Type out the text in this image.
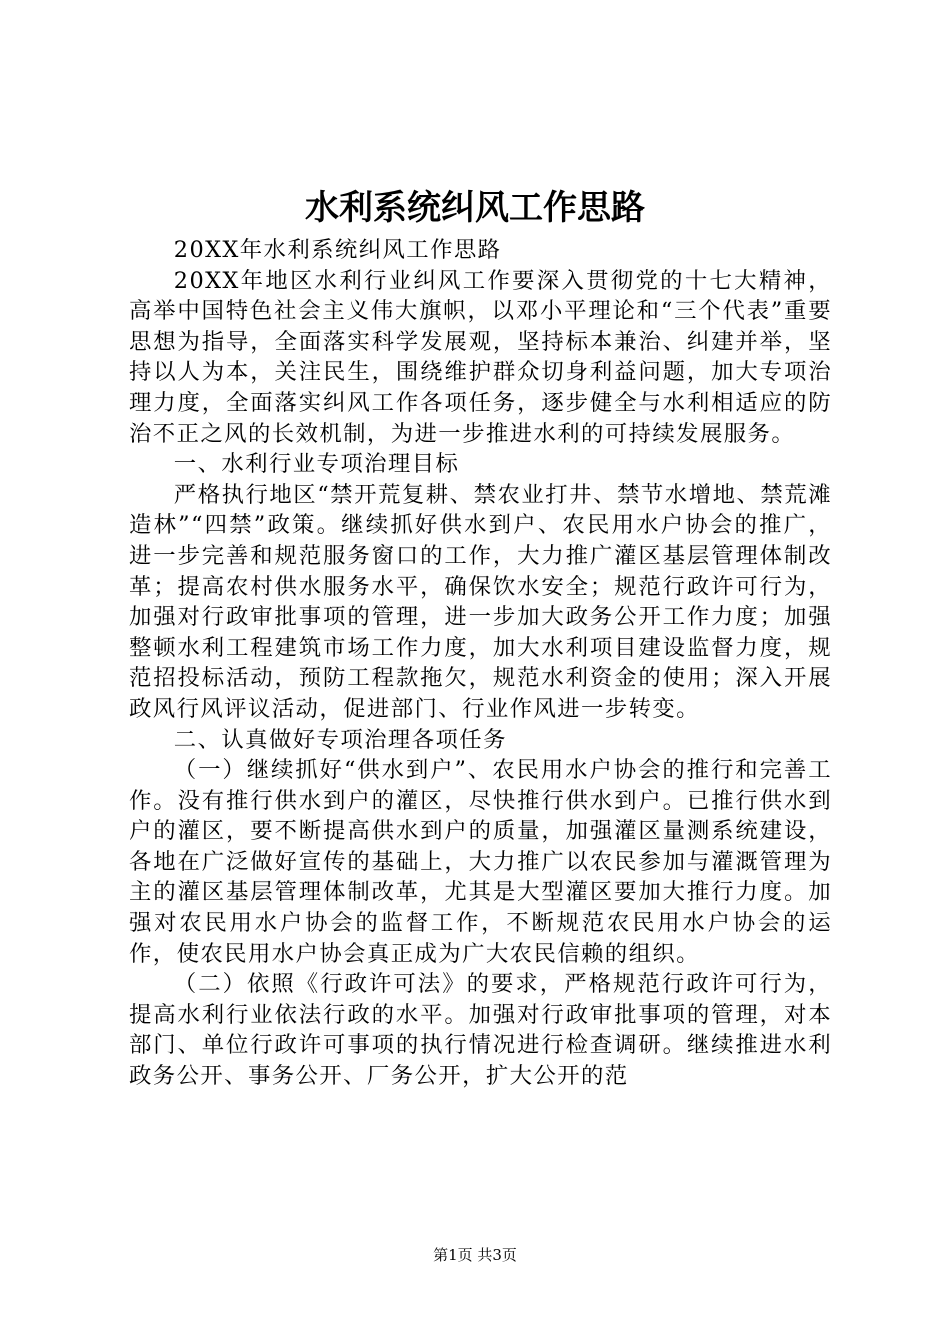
水利系统纠风工作思路

20XX年水利系统纠风工作思路

20XX年地区水利行业纠风工作要深入贯彻党的十七大精神，高举中国特色社会主义伟大旗帜，以邓小平理论和“三个代表”重要思想为指导，全面落实科学发展观，坚持标本兼治、纠建并举，坚持以人为本，关注民生，围绕维护群众切身利益问题，加大专项治理力度，全面落实纠风工作各项任务，逐步健全与水利相适应的防治不正之风的长效机制，为进一步推进水利的可持续发展服务。

一、水利行业专项治理目标

严格执行地区“禁开荒复耕、禁农业打井、禁节水增地、禁荒滩造林”“四禁”政策。继续抓好供水到户、农民用水户协会的推广，进一步完善和规范服务窗口的工作，大力推广灌区基层管理体制改革；提高农村供水服务水平，确保饮水安全；规范行政许可行为，加强对行政审批事项的管理，进一步加大政务公开工作力度；加强整顿水利工程建筑市场工作力度，加大水利项目建设监督力度，规范招投标活动，预防工程款拖欠，规范水利资金的使用；深入开展政风行风评议活动，促进部门、行业作风进一步转变。

二、认真做好专项治理各项任务

（一）继续抓好“供水到户”、农民用水户协会的推行和完善工作。没有推行供水到户的灌区，尽快推行供水到户。已推行供水到户的灌区，要不断提高供水到户的质量，加强灌区量测系统建设，各地在广泛做好宣传的基础上，大力推广以农民参加与灌溉管理为主的灌区基层管理体制改革，尤其是大型灌区要加大推行力度。加强对农民用水户协会的监督工作，不断规范农民用水户协会的运作，使农民用水户协会真正成为广大农民信赖的组织。

（二）依照《行政许可法》的要求，严格规范行政许可行为，提高水利行业依法行政的水平。加强对行政审批事项的管理，对本部门、单位行政许可事项的执行情况进行检查调研。继续推进水利政务公开、事务公开、厂务公开，扩大公开的范

第1页 共3页
